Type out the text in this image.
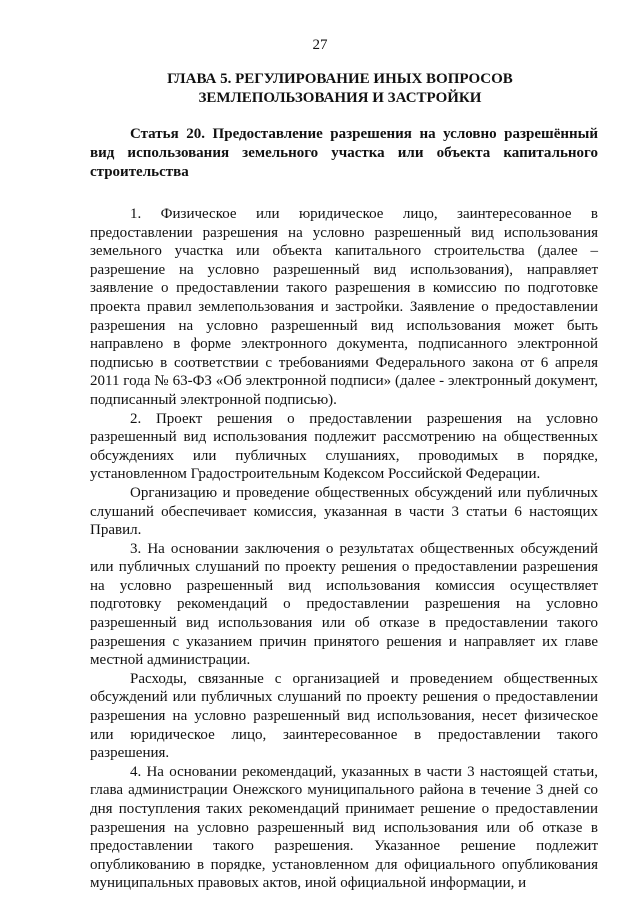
27
ГЛАВА 5. РЕГУЛИРОВАНИЕ ИНЫХ ВОПРОСОВ
ЗЕМЛЕПОЛЬЗОВАНИЯ И ЗАСТРОЙКИ
Статья 20. Предоставление разрешения на условно разрешённый вид использования земельного участка или объекта капитального строительства

1. Физическое или юридическое лицо, заинтересованное в предоставлении разрешения на условно разрешенный вид использования земельного участка или объекта капитального строительства (далее – разрешение на условно разрешенный вид использования), направляет заявление о предоставлении такого разрешения в комиссию по подготовке проекта правил землепользования и застройки. Заявление о предоставлении разрешения на условно разрешенный вид использования может быть направлено в форме электронного документа, подписанного электронной подписью в соответствии с требованиями Федерального закона от 6 апреля 2011 года № 63-ФЗ «Об электронной подписи» (далее - электронный документ, подписанный электронной подписью).

2. Проект решения о предоставлении разрешения на условно разрешенный вид использования подлежит рассмотрению на общественных обсуждениях или публичных слушаниях, проводимых в порядке, установленном Градостроительным Кодексом Российской Федерации.

Организацию и проведение общественных обсуждений или публичных слушаний обеспечивает комиссия, указанная в части 3 статьи 6 настоящих Правил.

3. На основании заключения о результатах общественных обсуждений или публичных слушаний по проекту решения о предоставлении разрешения на условно разрешенный вид использования комиссия осуществляет подготовку рекомендаций о предоставлении разрешения на условно разрешенный вид использования или об отказе в предоставлении такого разрешения с указанием причин принятого решения и направляет их главе местной администрации.

Расходы, связанные с организацией и проведением общественных обсуждений или публичных слушаний по проекту решения о предоставлении разрешения на условно разрешенный вид использования, несет физическое или юридическое лицо, заинтересованное в предоставлении такого разрешения.

4. На основании рекомендаций, указанных в части 3 настоящей статьи, глава администрации Онежского муниципального района в течение 3 дней со дня поступления таких рекомендаций принимает решение о предоставлении разрешения на условно разрешенный вид использования или об отказе в предоставлении такого разрешения. Указанное решение подлежит опубликованию в порядке, установленном для официального опубликования муниципальных правовых актов, иной официальной информации, и
